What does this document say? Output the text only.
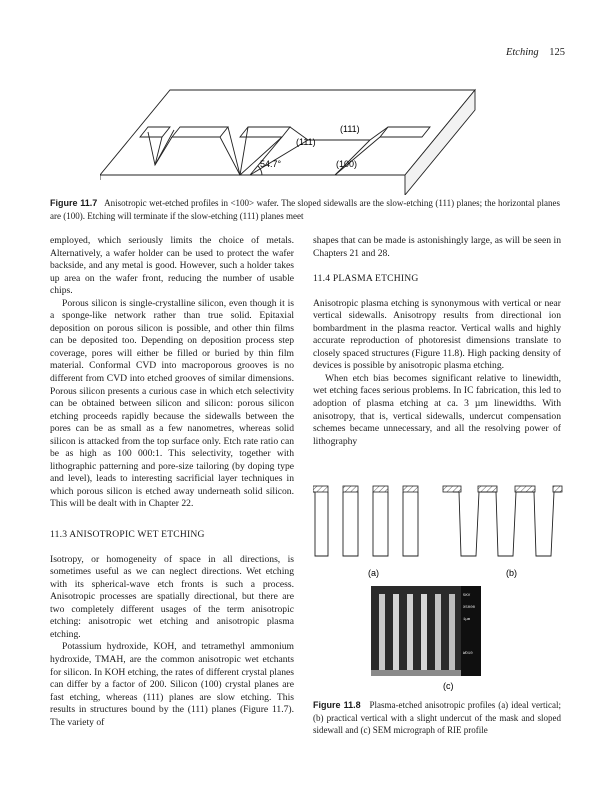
Etching 125
(111)
(111)
(100)
54.7°
Figure 11.7 Anisotropic wet-etched profiles in <100> wafer. The sloped sidewalls are the slow-etching (111) planes; the horizontal planes are (100). Etching will terminate if the slow-etching (111) planes meet

employed, which seriously limits the choice of metals. Alternatively, a wafer holder can be used to protect the wafer backside, and any metal is good. However, such a holder takes up area on the wafer front, reducing the number of usable chips.

Porous silicon is single-crystalline silicon, even though it is a sponge-like network rather than true solid. Epitaxial deposition on porous silicon is possible, and other thin films can be deposited too. Depending on deposition process step coverage, pores will either be filled or buried by thin film material. Conformal CVD into macroporous grooves is no different from CVD into etched grooves of similar dimensions. Porous silicon presents a curious case in which etch selectivity can be obtained between silicon and silicon: porous silicon etching proceeds rapidly because the sidewalls between the pores can be as small as a few nanometres, whereas solid silicon is attacked from the top surface only. Etch rate ratio can be as high as 100 000:1. This selectivity, together with lithographic patterning and pore-size tailoring (by doping type and level), leads to interesting sacrificial layer techniques in which porous silicon is etched away underneath solid silicon. This will be dealt with in Chapter 22.

11.3 ANISOTROPIC WET ETCHING

Isotropy, or homogeneity of space in all directions, is sometimes useful as we can neglect directions. Wet etching with its spherical-wave etch fronts is such a process. Anisotropic processes are spatially directional, but there are two completely different usages of the term anisotropic etching: anisotropic wet etching and anisotropic plasma etching.

Potassium hydroxide, KOH, and tetramethyl ammonium hydroxide, TMAH, are the common anisotropic wet etchants for silicon. In KOH etching, the rates of different crystal planes can differ by a factor of 200. Silicon (100) crystal planes are fast etching, whereas (111) planes are slow etching. This results in structures bound by the (111) planes (Figure 11.7). The variety of

shapes that can be made is astonishingly large, as will be seen in Chapters 21 and 28.

11.4 PLASMA ETCHING

Anisotropic plasma etching is synonymous with vertical or near vertical sidewalls. Anisotropy results from directional ion bombardment in the plasma reactor. Vertical walls and highly accurate reproduction of photoresist dimensions translate to closely spaced structures (Figure 11.8). High packing density of devices is possible by anisotropic plasma etching.

When etch bias becomes significant relative to linewidth, wet etching faces serious problems. In IC fabrication, this led to adoption of plasma etching at ca. 3 µm linewidths. With anisotropy, that is, vertical sidewalls, undercut compensation schemes became unnecessary, and all the resolving power of lithography

(a)	(b)
5KV
X5000
1μm
WD10
(c)
Figure 11.8 Plasma-etched anisotropic profiles (a) ideal vertical; (b) practical vertical with a slight undercut of the mask and sloped sidewall and (c) SEM micrograph of RIE profile
